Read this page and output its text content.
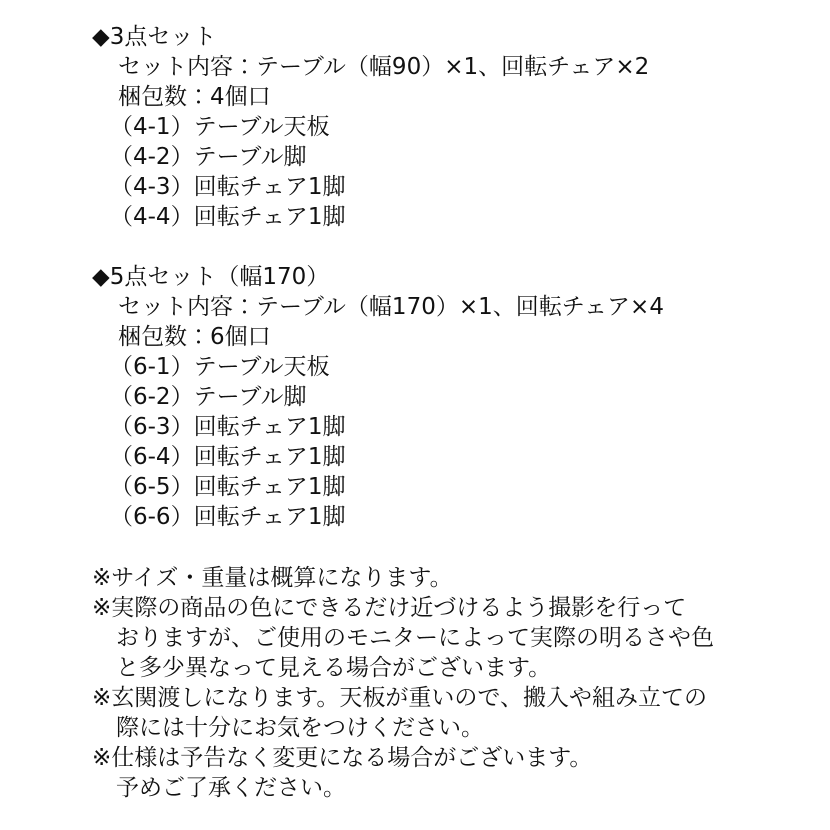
◆3点セット
セット内容：テーブル（幅90）×1、回転チェア×2
梱包数：4個口
（4-1）テーブル天板
（4-2）テーブル脚
（4-3）回転チェア1脚
（4-4）回転チェア1脚
◆5点セット（幅170）
セット内容：テーブル（幅170）×1、回転チェア×4
梱包数：6個口
（6-1）テーブル天板
（6-2）テーブル脚
（6-3）回転チェア1脚
（6-4）回転チェア1脚
（6-5）回転チェア1脚
（6-6）回転チェア1脚
※サイズ・重量は概算になります。
※実際の商品の色にできるだけ近づけるよう撮影を行って
おりますが、ご使用のモニターによって実際の明るさや色
と多少異なって見える場合がございます。
※玄関渡しになります。天板が重いので、搬入や組み立ての
際には十分にお気をつけください。
※仕様は予告なく変更になる場合がございます。
予めご了承ください。
